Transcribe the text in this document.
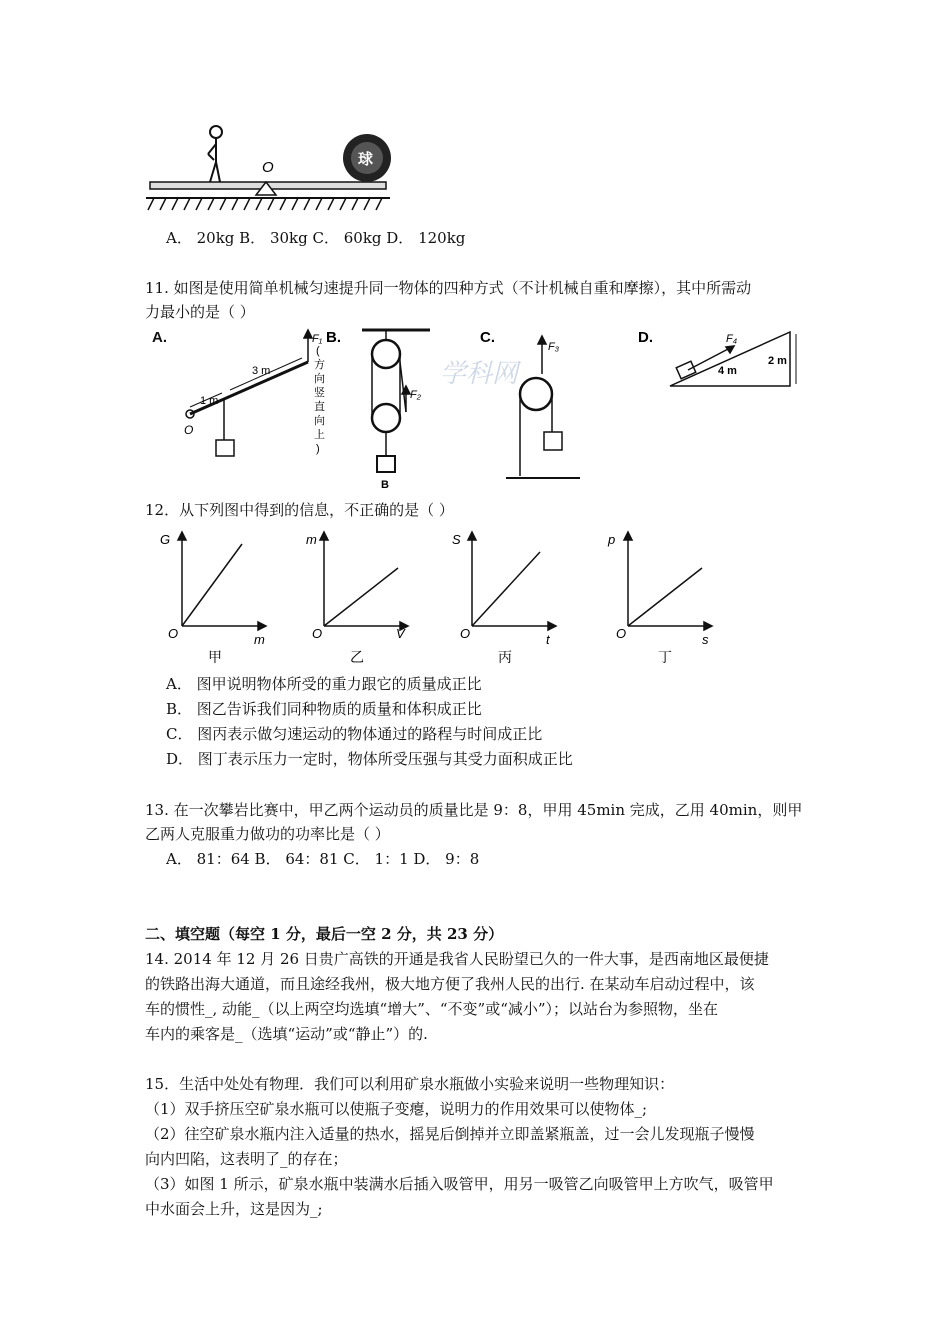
O	球
A． 20kg B． 30kg C． 60kg D． 120kg
11. 如图是使用简单机械匀速提升同一物体的四种方式（不计机械自重和摩擦），其中所需动
力最小的是（ ）
A.	F₁
3 m
1 m
O
(
方
向
竖
直
向
上
)
B.
F₂
B
C.
F₃
学科网
D.	F₄
2 m
4 m
12．从下列图中得到的信息，不正确的是（ ）
G
O	m
甲
m
O	V
乙
S
O	t
丙
p
O	s
丁
A． 图甲说明物体所受的重力跟它的质量成正比
B． 图乙告诉我们同种物质的质量和体积成正比
C． 图丙表示做匀速运动的物体通过的路程与时间成正比
D． 图丁表示压力一定时，物体所受压强与其受力面积成正比
13. 在一次攀岩比赛中，甲乙两个运动员的质量比是 9：8，甲用 45min 完成，乙用 40min，则甲
乙两人克服重力做功的功率比是（ ）
A． 81：64 B． 64：81 C． 1：1 D． 9：8
二、填空题（每空 1 分，最后一空 2 分，共 23 分）
14. 2014 年 12 月 26 日贵广高铁的开通是我省人民盼望已久的一件大事，是西南地区最便捷
的铁路出海大通道，而且途经我州，极大地方便了我州人民的出行. 在某动车启动过程中，该
车的惯性_, 动能_（以上两空均选填“增大”、“不变”或“减小”）；以站台为参照物，坐在
车内的乘客是_（选填“运动”或“静止”）的.
15．生活中处处有物理．我们可以利用矿泉水瓶做小实验来说明一些物理知识：
（1）双手挤压空矿泉水瓶可以使瓶子变瘪，说明力的作用效果可以使物体_;
（2）往空矿泉水瓶内注入适量的热水，摇晃后倒掉并立即盖紧瓶盖，过一会儿发现瓶子慢慢
向内凹陷，这表明了_的存在；
（3）如图 1 所示，矿泉水瓶中装满水后插入吸管甲，用另一吸管乙向吸管甲上方吹气，吸管甲
中水面会上升，这是因为_;
